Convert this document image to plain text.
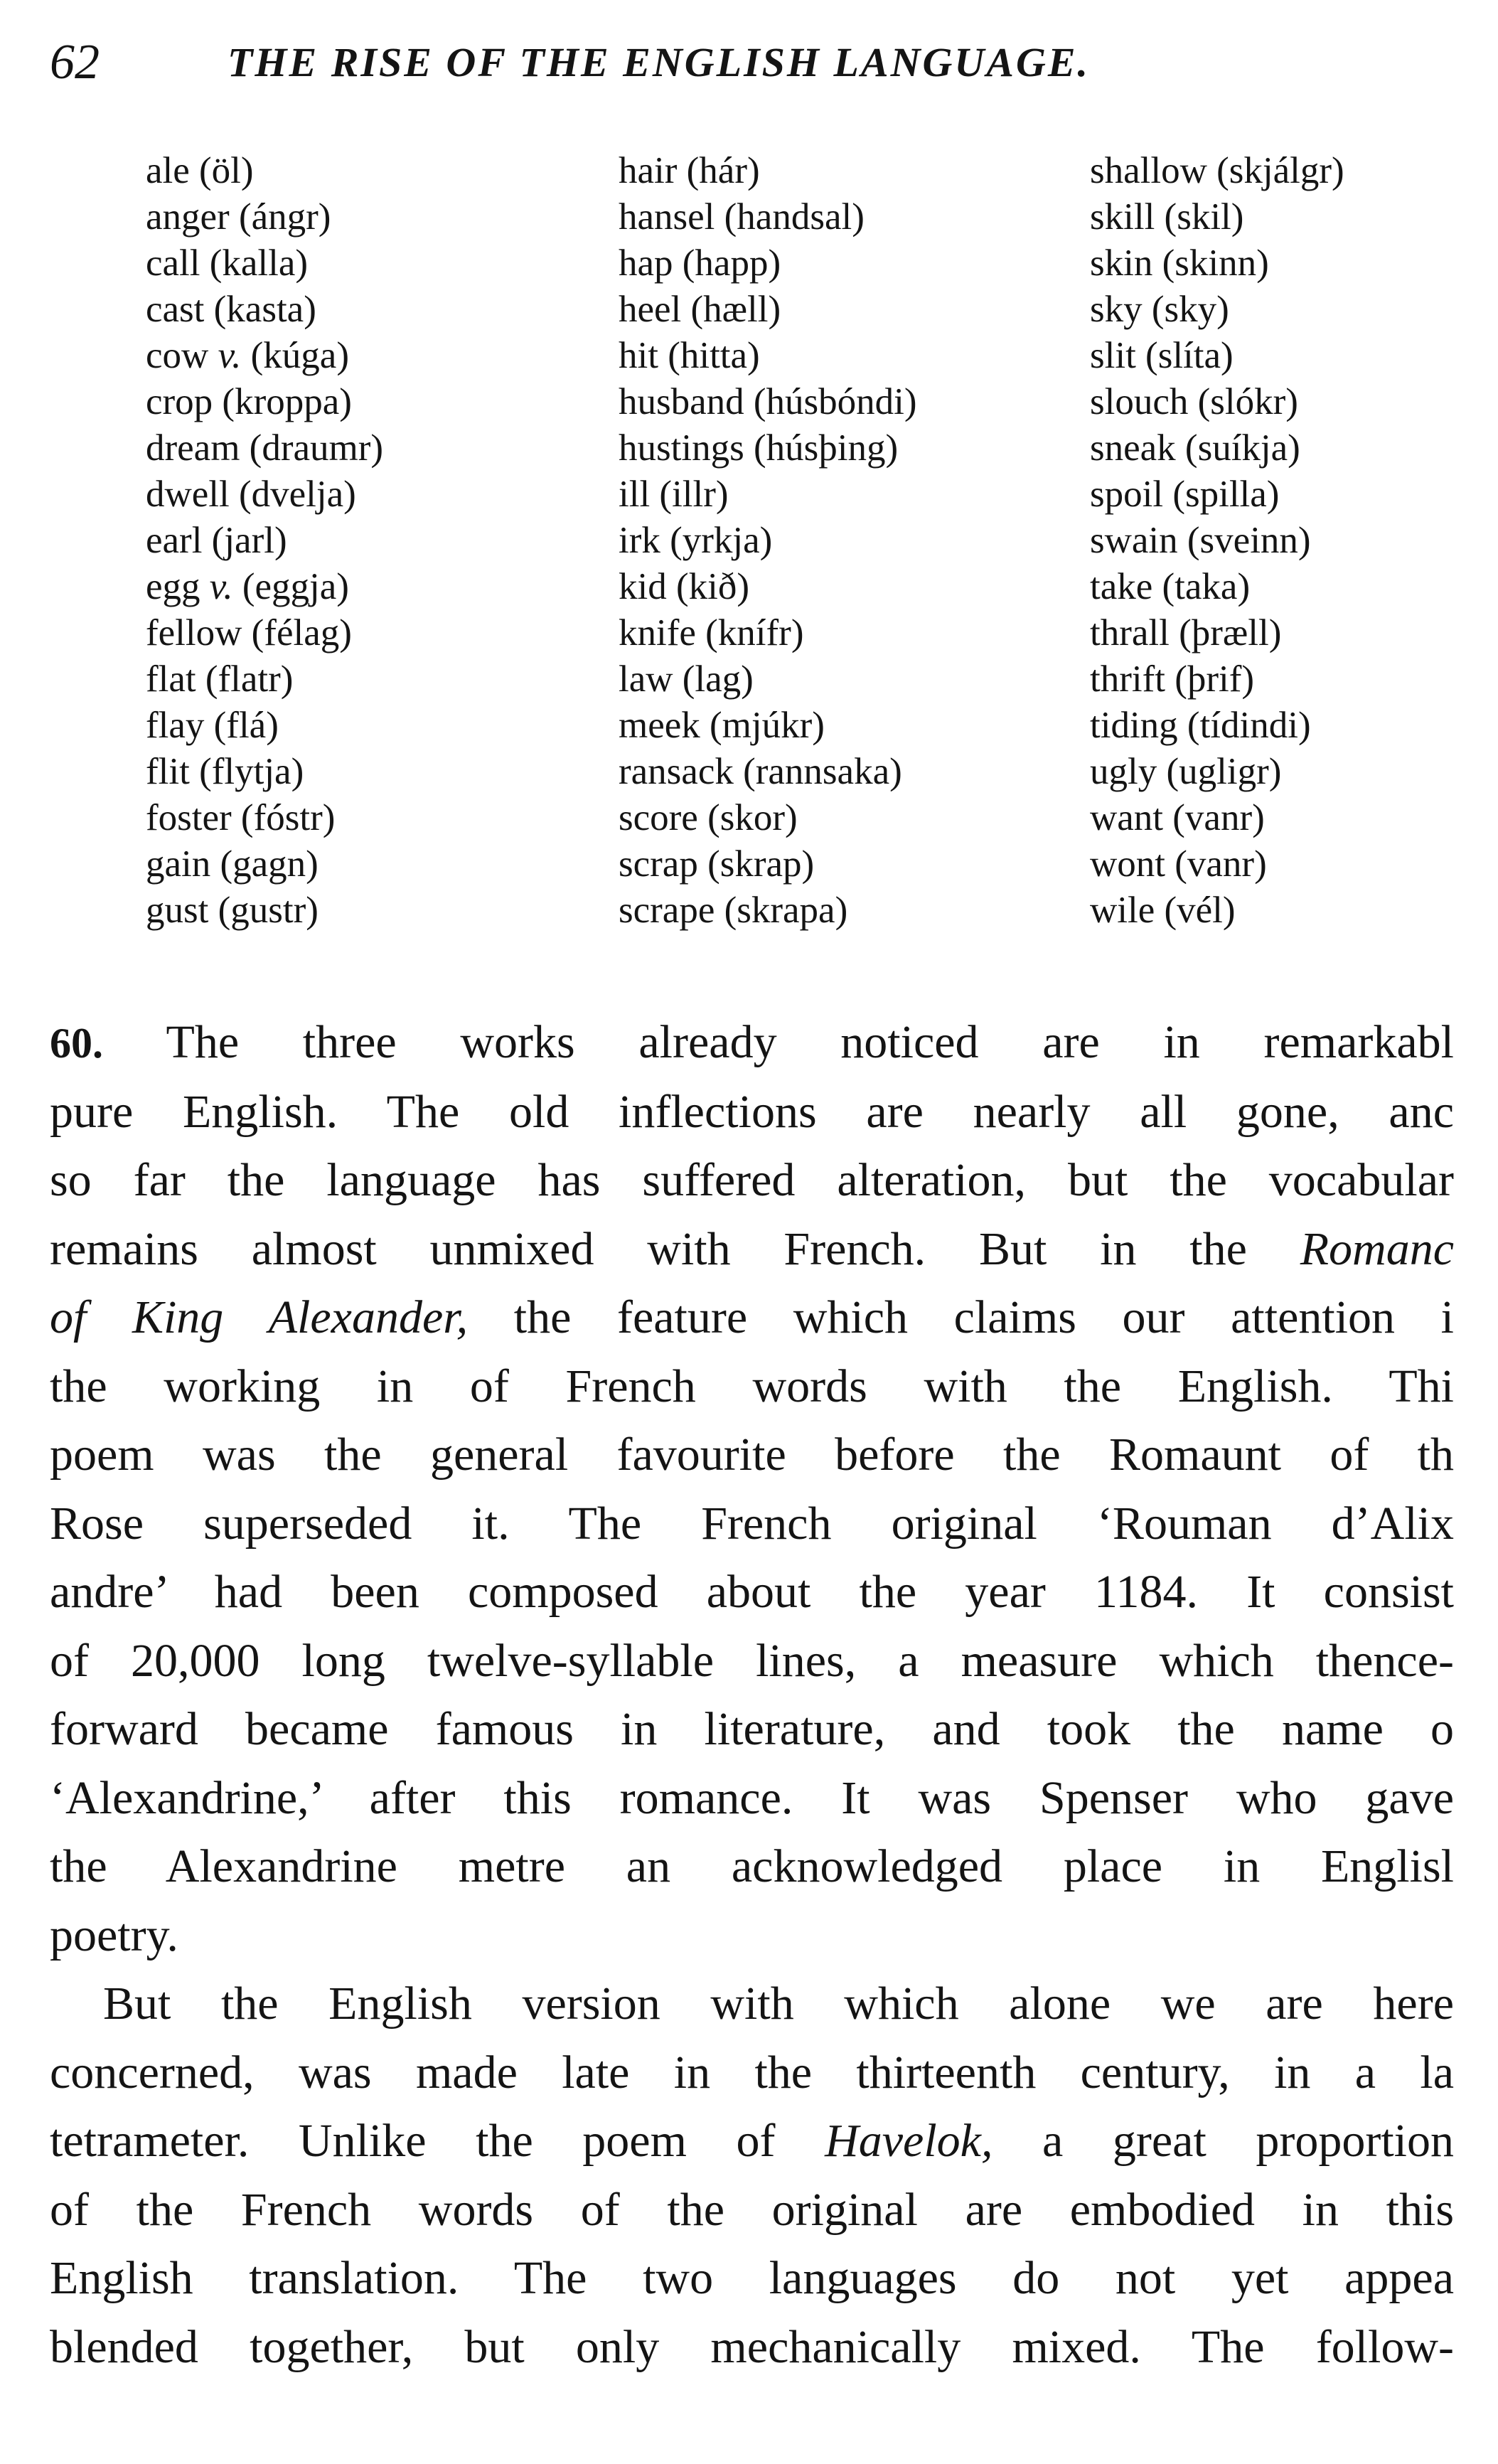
62	THE RISE OF THE ENGLISH LANGUAGE.
ale (öl)
anger (ángr)
call (kalla)
cast (kasta)
cow v. (kúga)
crop (kroppa)
dream (draumr)
dwell (dvelja)
earl (jarl)
egg v. (eggja)
fellow (félag)
flat (flatr)
flay (flá)
flit (flytja)
foster (fóstr)
gain (gagn)
gust (gustr)
hair (hár)
hansel (handsal)
hap (happ)
heel (hæll)
hit (hitta)
husband (húsbóndi)
hustings (húsþing)
ill (illr)
irk (yrkja)
kid (kið)
knife (knífr)
law (lag)
meek (mjúkr)
ransack (rannsaka)
score (skor)
scrap (skrap)
scrape (skrapa)
shallow (skjálgr)
skill (skil)
skin (skinn)
sky (sky)
slit (slíta)
slouch (slókr)
sneak (suíkja)
spoil (spilla)
swain (sveinn)
take (taka)
thrall (þræll)
thrift (þrif)
tiding (tídindi)
ugly (ugligr)
want (vanr)
wont (vanr)
wile (vél)
60. The three works already noticed are in remarkabl
pure English. The old inflections are nearly all gone, anc
so far the language has suffered alteration, but the vocabular
remains almost unmixed with French. But in the Romanc
of King Alexander, the feature which claims our attention i
the working in of French words with the English. Thi
poem was the general favourite before the Romaunt of th
Rose superseded it. The French original ‘Rouman d’Alix
andre’ had been composed about the year 1184. It consist
of 20,000 long twelve-syllable lines, a measure which thence-
forward became famous in literature, and took the name o
‘Alexandrine,’ after this romance. It was Spenser who gave
the Alexandrine metre an acknowledged place in Englisl
poetry.
But the English version with which alone we are here
concerned, was made late in the thirteenth century, in a la
tetrameter. Unlike the poem of Havelok, a great proportion
of the French words of the original are embodied in this
English translation. The two languages do not yet appea
blended together, but only mechanically mixed. The follow-
